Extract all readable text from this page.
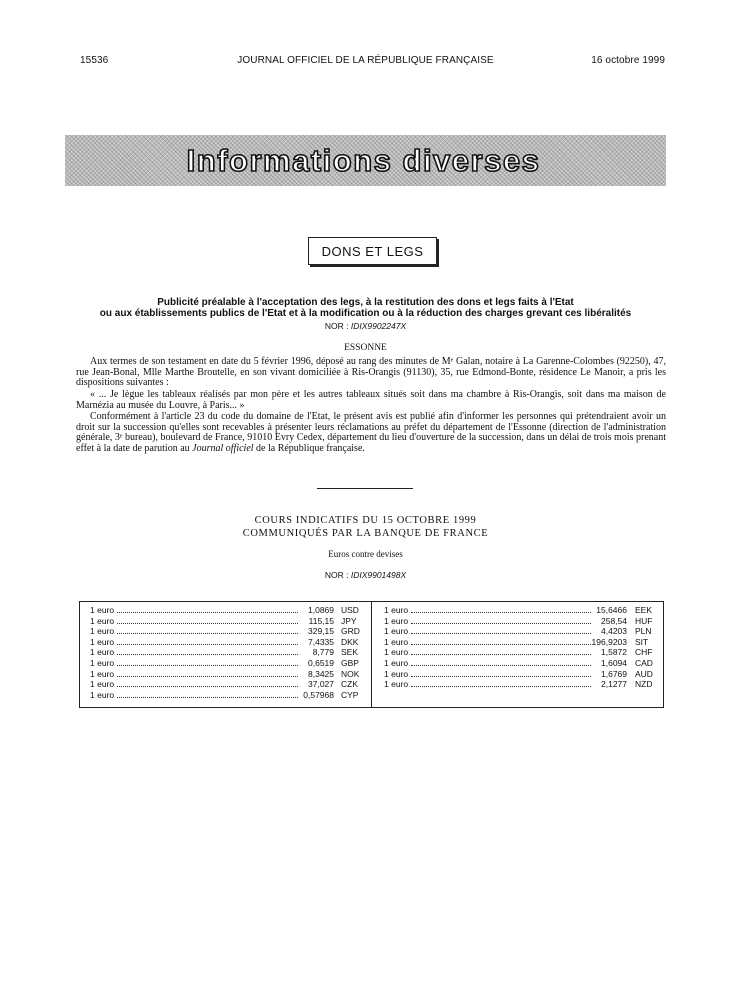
15536	JOURNAL OFFICIEL DE LA RÉPUBLIQUE FRANÇAISE	16 octobre 1999
Informations diverses
DONS ET LEGS
Publicité préalable à l'acceptation des legs, à la restitution des dons et legs faits à l'Etat
ou aux établissements publics de l'Etat et à la modification ou à la réduction des charges grevant ces libéralités
NOR : IDIX9902247X
ESSONNE

Aux termes de son testament en date du 5 février 1996, déposé au rang des minutes de Mᵉ Galan, notaire à La Garenne-Colombes (92250), 47, rue Jean-Bonal, Mlle Marthe Broutelle, en son vivant domiciliée à Ris-Orangis (91130), 35, rue Edmond-Bonte, résidence Le Manoir, a pris les dispositions suivantes :

« ... Je lègue les tableaux réalisés par mon père et les autres tableaux situés soit dans ma chambre à Ris-Orangis, soit dans ma maison de Marnézia au musée du Louvre, à Paris... »

Conformément à l'article 23 du code du domaine de l'Etat, le présent avis est publié afin d'informer les personnes qui prétendraient avoir un droit sur la succession qu'elles sont recevables à présenter leurs réclamations au préfet du département de l'Essonne (direction de l'administration générale, 3ᵉ bureau), boulevard de France, 91010 Evry Cedex, département du lieu d'ouverture de la succession, dans un délai de trois mois prenant effet à la date de parution au Journal officiel de la République française.

COURS INDICATIFS DU 15 OCTOBRE 1999
COMMUNIQUÉS PAR LA BANQUE DE FRANCE
Euros contre devises
NOR : IDIX9901498X
1 euro	1,0869 USD
1 euro	115,15 JPY
1 euro	329,15 GRD
1 euro	7,4335 DKK
1 euro	8,779 SEK
1 euro	0,6519 GBP
1 euro	8,3425 NOK
1 euro	37,027 CZK
1 euro	0,57968 CYP
1 euro	15,6466 EEK
1 euro	258,54 HUF
1 euro	4,4203 PLN
1 euro	196,9203 SIT
1 euro	1,5872 CHF
1 euro	1,6094 CAD
1 euro	1,6769 AUD
1 euro	2,1277 NZD
